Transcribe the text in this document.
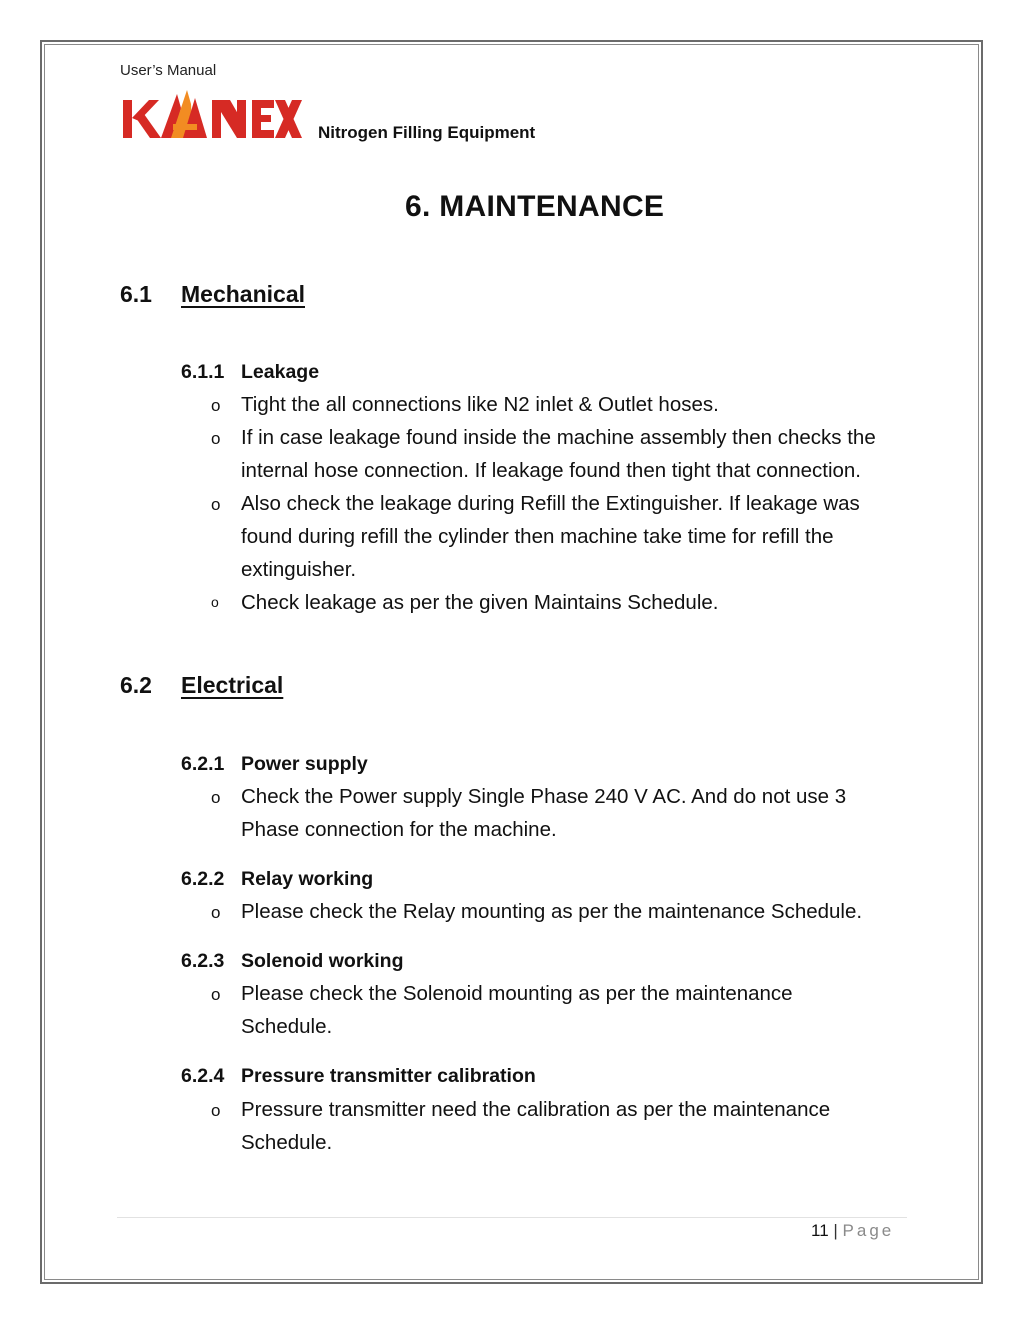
User’s Manual
Nitrogen Filling Equipment
6. MAINTENANCE
6.1 Mechanical
6.1.1 Leakage
o Tight the all connections like N2 inlet & Outlet hoses.
o If in case leakage found inside the machine assembly then checks the
internal hose connection. If leakage found then tight that connection.
o Also check the leakage during Refill the Extinguisher. If leakage was
found during refill the cylinder then machine take time for refill the
extinguisher.
o Check leakage as per the given Maintains Schedule.
6.2 Electrical
6.2.1 Power supply
o Check the Power supply Single Phase 240 V AC. And do not use 3
Phase connection for the machine.
6.2.2 Relay working
o Please check the Relay mounting as per the maintenance Schedule.
6.2.3 Solenoid working
o Please check the Solenoid mounting as per the maintenance
Schedule.
6.2.4 Pressure transmitter calibration
o Pressure transmitter need the calibration as per the maintenance
Schedule.
11 | Page
